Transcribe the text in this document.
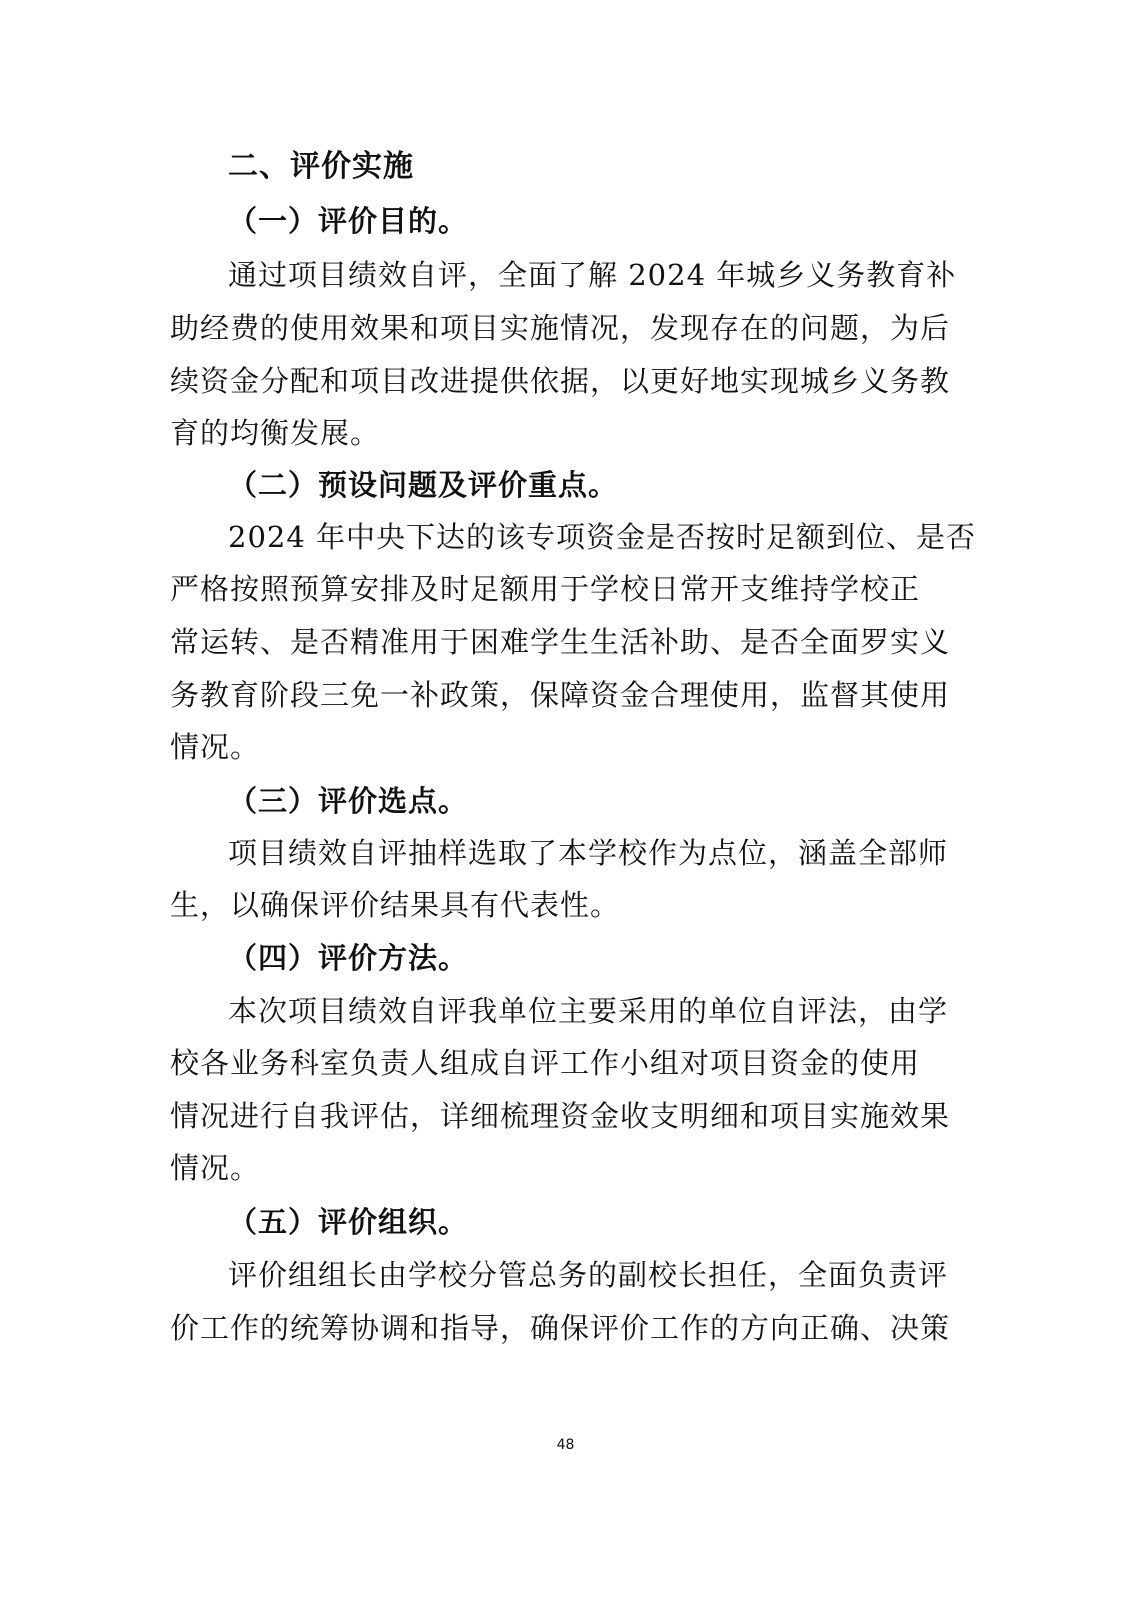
二、评价实施
（一）评价目的。
通过项目绩效自评，全面了解 2024 年城乡义务教育补
助经费的使用效果和项目实施情况，发现存在的问题，为后
续资金分配和项目改进提供依据，以更好地实现城乡义务教
育的均衡发展。
（二）预设问题及评价重点。
2024 年中央下达的该专项资金是否按时足额到位、是否
严格按照预算安排及时足额用于学校日常开支维持学校正
常运转、是否精准用于困难学生生活补助、是否全面罗实义
务教育阶段三免一补政策，保障资金合理使用，监督其使用
情况。
（三）评价选点。
项目绩效自评抽样选取了本学校作为点位，涵盖全部师
生，以确保评价结果具有代表性。
（四）评价方法。
本次项目绩效自评我单位主要采用的单位自评法，由学
校各业务科室负责人组成自评工作小组对项目资金的使用
情况进行自我评估，详细梳理资金收支明细和项目实施效果
情况。
（五）评价组织。
评价组组长由学校分管总务的副校长担任，全面负责评
价工作的统筹协调和指导，确保评价工作的方向正确、决策
48
